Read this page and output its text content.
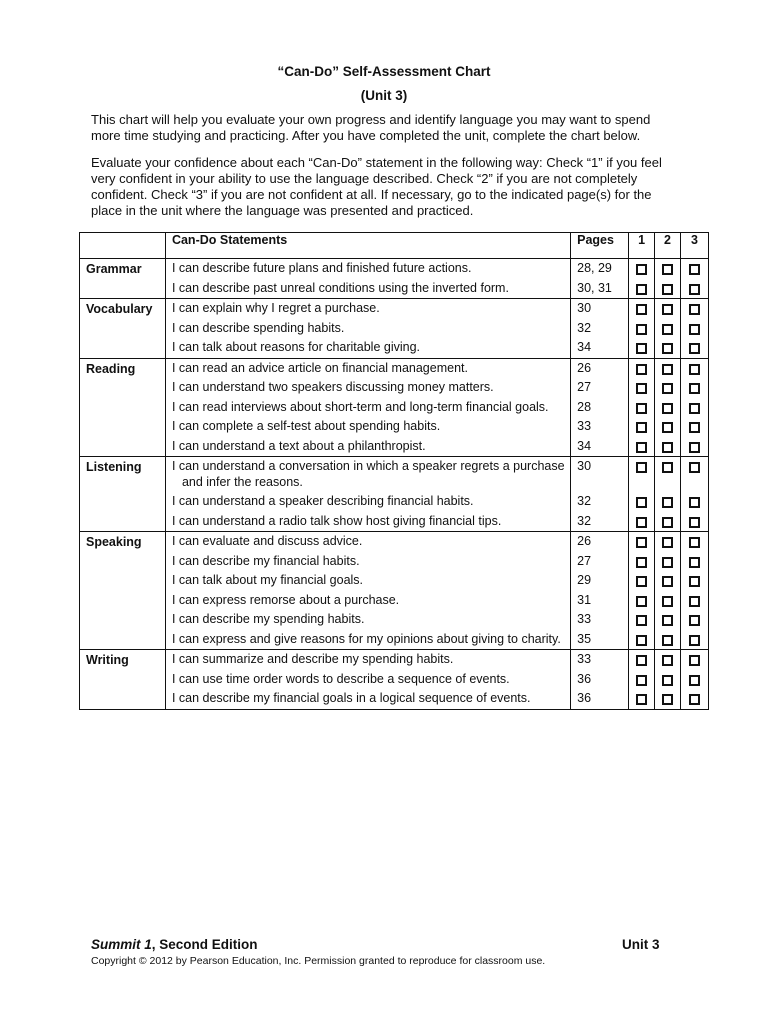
“Can-Do” Self-Assessment Chart
(Unit 3)

This chart will help you evaluate your own progress and identify language you may want to spend more time studying and practicing. After you have completed the unit, complete the chart below.

Evaluate your confidence about each “Can-Do” statement in the following way: Check “1” if you feel very confident in your ability to use the language described. Check “2” if you are not completely confident. Check “3” if you are not confident at all. If necessary, go to the indicated page(s) for the place in the unit where the language was presented and practiced.

	Can-Do Statements	Pages	1	2	3
Grammar	I can describe future plans and finished future actions.	28, 29			

	I can describe past unreal conditions using the inverted form.	30, 31			
Vocabulary	I can explain why I regret a purchase.	30			

	I can describe spending habits.	32			

	I can talk about reasons for charitable giving.	34			
Reading	I can read an advice article on financial management.	26			

	I can understand two speakers discussing money matters.	27			

	I can read interviews about short-term and long-term financial goals.	28			

	I can complete a self-test about spending habits.	33			

	I can understand a text about a philanthropist.	34			
Listening	I can understand a conversation in which a speaker regrets a purchase and infer the reasons.	30			

	I can understand a speaker describing financial habits.	32			

	I can understand a radio talk show host giving financial tips.	32			
Speaking	I can evaluate and discuss advice.	26			

	I can describe my financial habits.	27			

	I can talk about my financial goals.	29			

	I can express remorse about a purchase.	31			

	I can describe my spending habits.	33			

	I can express and give reasons for my opinions about giving to charity.	35			
Writing	I can summarize and describe my spending habits.	33			

	I can use time order words to describe a sequence of events.	36			

	I can describe my financial goals in a logical sequence of events.	36			
Summit 1, Second Edition	Unit 3
Copyright © 2012 by Pearson Education, Inc. Permission granted to reproduce for classroom use.
